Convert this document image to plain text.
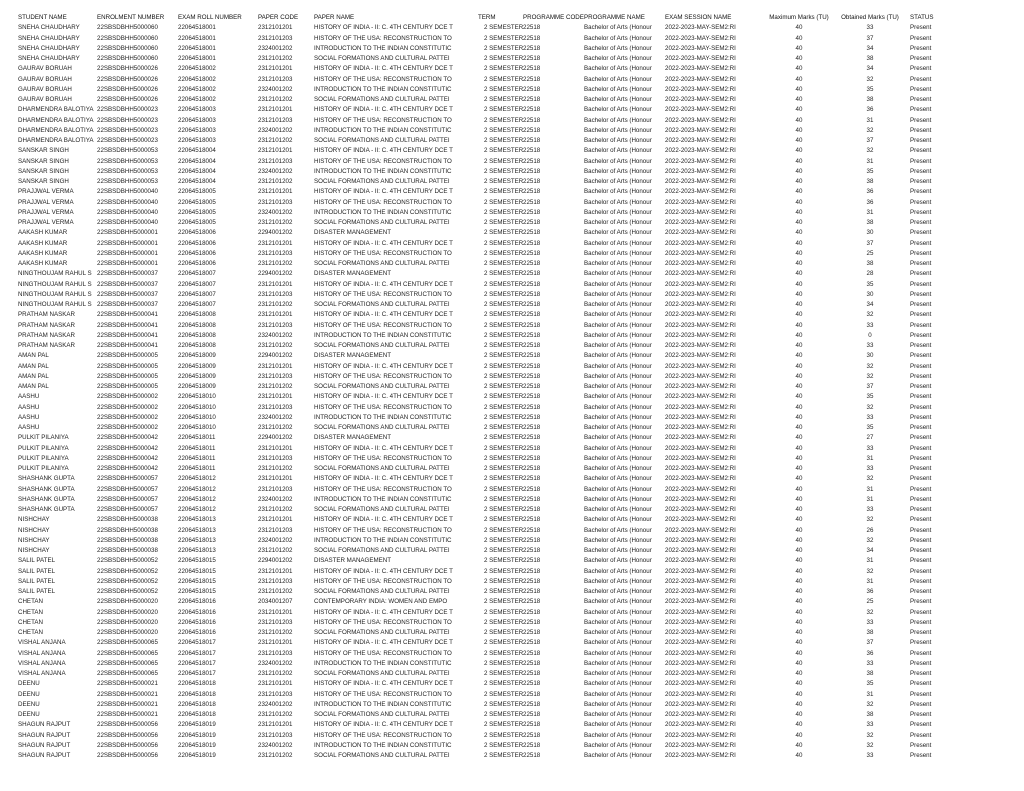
STUDENT NAME	ENROLMENT NUMBER	EXAM ROLL NUMBER	PAPER CODE	PAPER NAME	TERM	PROGRAMME CODE PROGRAMME NAME	EXAM SESSION NAME	Maximum Marks (TU)	Obtained Marks (TU)	STATUS
SNEHA CHAUDHARY	22SBSDBHH5000060	22064518001	2312101201	HISTORY OF INDIA - II: C. 4TH CENTURY DCE T	2 SEMESTER 22518	Bachelor of Arts (Honour	2022-2023-MAY-SEM2:RI	40	33	Present
SNEHA CHAUDHARY	22SBSDBHH5000060	22064518001	2312101203	HISTORY OF THE USA: RECONSTRUCTION TO	2 SEMESTER 22518	Bachelor of Arts (Honour	2022-2023-MAY-SEM2:RI	40	37	Present
SNEHA CHAUDHARY	22SBSDBHH5000060	22064518001	2324001202	INTRODUCTION TO THE INDIAN CONSTITUTIC	2 SEMESTER 22518	Bachelor of Arts (Honour	2022-2023-MAY-SEM2:RI	40	34	Present
SNEHA CHAUDHARY	22SBSDBHH5000060	22064518001	2312101202	SOCIAL FORMATIONS AND CULTURAL PATTEI	2 SEMESTER 22518	Bachelor of Arts (Honour	2022-2023-MAY-SEM2:RI	40	38	Present
GAURAV BORUAH	22SBSDBHH5000026	22064518002	2312101201	HISTORY OF INDIA - II: C. 4TH CENTURY DCE T	2 SEMESTER 22518	Bachelor of Arts (Honour	2022-2023-MAY-SEM2:RI	40	34	Present
GAURAV BORUAH	22SBSDBHH5000026	22064518002	2312101203	HISTORY OF THE USA: RECONSTRUCTION TO	2 SEMESTER 22518	Bachelor of Arts (Honour	2022-2023-MAY-SEM2:RI	40	32	Present
GAURAV BORUAH	22SBSDBHH5000026	22064518002	2324001202	INTRODUCTION TO THE INDIAN CONSTITUTIC	2 SEMESTER 22518	Bachelor of Arts (Honour	2022-2023-MAY-SEM2:RI	40	35	Present
GAURAV BORUAH	22SBSDBHH5000026	22064518002	2312101202	SOCIAL FORMATIONS AND CULTURAL PATTEI	2 SEMESTER 22518	Bachelor of Arts (Honour	2022-2023-MAY-SEM2:RI	40	38	Present
DHARMENDRA BALOTIYA 22SBSDBHH5000023	22064518003	2312101201	HISTORY OF INDIA - II: C. 4TH CENTURY DCE T	2 SEMESTER 22518	Bachelor of Arts (Honour	2022-2023-MAY-SEM2:RI	40	36	Present
DHARMENDRA BALOTIYA 22SBSDBHH5000023	22064518003	2312101203	HISTORY OF THE USA: RECONSTRUCTION TO	2 SEMESTER 22518	Bachelor of Arts (Honour	2022-2023-MAY-SEM2:RI	40	31	Present
DHARMENDRA BALOTIYA 22SBSDBHH5000023	22064518003	2324001202	INTRODUCTION TO THE INDIAN CONSTITUTIC	2 SEMESTER 22518	Bachelor of Arts (Honour	2022-2023-MAY-SEM2:RI	40	32	Present
DHARMENDRA BALOTIYA 22SBSDBHH5000023	22064518003	2312101202	SOCIAL FORMATIONS AND CULTURAL PATTEI	2 SEMESTER 22518	Bachelor of Arts (Honour	2022-2023-MAY-SEM2:RI	40	37	Present
SANSKAR SINGH	22SBSDBHH5000053	22064518004	2312101201	HISTORY OF INDIA - II: C. 4TH CENTURY DCE T	2 SEMESTER 22518	Bachelor of Arts (Honour	2022-2023-MAY-SEM2:RI	40	32	Present
SANSKAR SINGH	22SBSDBHH5000053	22064518004	2312101203	HISTORY OF THE USA: RECONSTRUCTION TO	2 SEMESTER 22518	Bachelor of Arts (Honour	2022-2023-MAY-SEM2:RI	40	31	Present
SANSKAR SINGH	22SBSDBHH5000053	22064518004	2324001202	INTRODUCTION TO THE INDIAN CONSTITUTIC	2 SEMESTER 22518	Bachelor of Arts (Honour	2022-2023-MAY-SEM2:RI	40	35	Present
SANSKAR SINGH	22SBSDBHH5000053	22064518004	2312101202	SOCIAL FORMATIONS AND CULTURAL PATTEI	2 SEMESTER 22518	Bachelor of Arts (Honour	2022-2023-MAY-SEM2:RI	40	38	Present
PRAJJWAL VERMA	22SBSDBHH5000040	22064518005	2312101201	HISTORY OF INDIA - II: C. 4TH CENTURY DCE T	2 SEMESTER 22518	Bachelor of Arts (Honour	2022-2023-MAY-SEM2:RI	40	36	Present
PRAJJWAL VERMA	22SBSDBHH5000040	22064518005	2312101203	HISTORY OF THE USA: RECONSTRUCTION TO	2 SEMESTER 22518	Bachelor of Arts (Honour	2022-2023-MAY-SEM2:RI	40	36	Present
PRAJJWAL VERMA	22SBSDBHH5000040	22064518005	2324001202	INTRODUCTION TO THE INDIAN CONSTITUTIC	2 SEMESTER 22518	Bachelor of Arts (Honour	2022-2023-MAY-SEM2:RI	40	31	Present
PRAJJWAL VERMA	22SBSDBHH5000040	22064518005	2312101202	SOCIAL FORMATIONS AND CULTURAL PATTEI	2 SEMESTER 22518	Bachelor of Arts (Honour	2022-2023-MAY-SEM2:RI	40	38	Present
AAKASH KUMAR	22SBSDBHH5000001	22064518006	2294001202	DISASTER MANAGEMENT	2 SEMESTER 22518	Bachelor of Arts (Honour	2022-2023-MAY-SEM2:RI	40	30	Present
AAKASH KUMAR	22SBSDBHH5000001	22064518006	2312101201	HISTORY OF INDIA - II: C. 4TH CENTURY DCE T	2 SEMESTER 22518	Bachelor of Arts (Honour	2022-2023-MAY-SEM2:RI	40	37	Present
AAKASH KUMAR	22SBSDBHH5000001	22064518006	2312101203	HISTORY OF THE USA: RECONSTRUCTION TO	2 SEMESTER 22518	Bachelor of Arts (Honour	2022-2023-MAY-SEM2:RI	40	25	Present
AAKASH KUMAR	22SBSDBHH5000001	22064518006	2312101202	SOCIAL FORMATIONS AND CULTURAL PATTEI	2 SEMESTER 22518	Bachelor of Arts (Honour	2022-2023-MAY-SEM2:RI	40	38	Present
NINGTHOUJAM RAHUL S 22SBSDBHH5000037	22064518007	2294001202	DISASTER MANAGEMENT	2 SEMESTER 22518	Bachelor of Arts (Honour	2022-2023-MAY-SEM2:RI	40	28	Present
NINGTHOUJAM RAHUL S 22SBSDBHH5000037	22064518007	2312101201	HISTORY OF INDIA - II: C. 4TH CENTURY DCE T	2 SEMESTER 22518	Bachelor of Arts (Honour	2022-2023-MAY-SEM2:RI	40	35	Present
NINGTHOUJAM RAHUL S 22SBSDBHH5000037	22064518007	2312101203	HISTORY OF THE USA: RECONSTRUCTION TO	2 SEMESTER 22518	Bachelor of Arts (Honour	2022-2023-MAY-SEM2:RI	40	30	Present
NINGTHOUJAM RAHUL S 22SBSDBHH5000037	22064518007	2312101202	SOCIAL FORMATIONS AND CULTURAL PATTEI	2 SEMESTER 22518	Bachelor of Arts (Honour	2022-2023-MAY-SEM2:RI	40	34	Present
PRATHAM NASKAR	22SBSDBHH5000041	22064518008	2312101201	HISTORY OF INDIA - II: C. 4TH CENTURY DCE T	2 SEMESTER 22518	Bachelor of Arts (Honour	2022-2023-MAY-SEM2:RI	40	32	Present
PRATHAM NASKAR	22SBSDBHH5000041	22064518008	2312101203	HISTORY OF THE USA: RECONSTRUCTION TO	2 SEMESTER 22518	Bachelor of Arts (Honour	2022-2023-MAY-SEM2:RI	40	33	Present
PRATHAM NASKAR	22SBSDBHH5000041	22064518008	2324001202	INTRODUCTION TO THE INDIAN CONSTITUTIC	2 SEMESTER 22518	Bachelor of Arts (Honour	2022-2023-MAY-SEM2:RI	40	0	Present
PRATHAM NASKAR	22SBSDBHH5000041	22064518008	2312101202	SOCIAL FORMATIONS AND CULTURAL PATTEI	2 SEMESTER 22518	Bachelor of Arts (Honour	2022-2023-MAY-SEM2:RI	40	33	Present
AMAN PAL	22SBSDBHH5000005	22064518009	2294001202	DISASTER MANAGEMENT	2 SEMESTER 22518	Bachelor of Arts (Honour	2022-2023-MAY-SEM2:RI	40	30	Present
AMAN PAL	22SBSDBHH5000005	22064518009	2312101201	HISTORY OF INDIA - II: C. 4TH CENTURY DCE T	2 SEMESTER 22518	Bachelor of Arts (Honour	2022-2023-MAY-SEM2:RI	40	32	Present
AMAN PAL	22SBSDBHH5000005	22064518009	2312101203	HISTORY OF THE USA: RECONSTRUCTION TO	2 SEMESTER 22518	Bachelor of Arts (Honour	2022-2023-MAY-SEM2:RI	40	32	Present
AMAN PAL	22SBSDBHH5000005	22064518009	2312101202	SOCIAL FORMATIONS AND CULTURAL PATTEI	2 SEMESTER 22518	Bachelor of Arts (Honour	2022-2023-MAY-SEM2:RI	40	37	Present
AASHU	22SBSDBHH5000002	22064518010	2312101201	HISTORY OF INDIA - II: C. 4TH CENTURY DCE T	2 SEMESTER 22518	Bachelor of Arts (Honour	2022-2023-MAY-SEM2:RI	40	35	Present
AASHU	22SBSDBHH5000002	22064518010	2312101203	HISTORY OF THE USA: RECONSTRUCTION TO	2 SEMESTER 22518	Bachelor of Arts (Honour	2022-2023-MAY-SEM2:RI	40	32	Present
AASHU	22SBSDBHH5000002	22064518010	2324001202	INTRODUCTION TO THE INDIAN CONSTITUTIC	2 SEMESTER 22518	Bachelor of Arts (Honour	2022-2023-MAY-SEM2:RI	40	33	Present
AASHU	22SBSDBHH5000002	22064518010	2312101202	SOCIAL FORMATIONS AND CULTURAL PATTEI	2 SEMESTER 22518	Bachelor of Arts (Honour	2022-2023-MAY-SEM2:RI	40	35	Present
PULKIT PILANIYA	22SBSDBHH5000042	22064518011	2294001202	DISASTER MANAGEMENT	2 SEMESTER 22518	Bachelor of Arts (Honour	2022-2023-MAY-SEM2:RI	40	27	Present
PULKIT PILANIYA	22SBSDBHH5000042	22064518011	2312101201	HISTORY OF INDIA - II: C. 4TH CENTURY DCE T	2 SEMESTER 22518	Bachelor of Arts (Honour	2022-2023-MAY-SEM2:RI	40	33	Present
PULKIT PILANIYA	22SBSDBHH5000042	22064518011	2312101203	HISTORY OF THE USA: RECONSTRUCTION TO	2 SEMESTER 22518	Bachelor of Arts (Honour	2022-2023-MAY-SEM2:RI	40	31	Present
PULKIT PILANIYA	22SBSDBHH5000042	22064518011	2312101202	SOCIAL FORMATIONS AND CULTURAL PATTEI	2 SEMESTER 22518	Bachelor of Arts (Honour	2022-2023-MAY-SEM2:RI	40	33	Present
SHASHANK GUPTA	22SBSDBHH5000057	22064518012	2312101201	HISTORY OF INDIA - II: C. 4TH CENTURY DCE T	2 SEMESTER 22518	Bachelor of Arts (Honour	2022-2023-MAY-SEM2:RI	40	32	Present
SHASHANK GUPTA	22SBSDBHH5000057	22064518012	2312101203	HISTORY OF THE USA: RECONSTRUCTION TO	2 SEMESTER 22518	Bachelor of Arts (Honour	2022-2023-MAY-SEM2:RI	40	31	Present
SHASHANK GUPTA	22SBSDBHH5000057	22064518012	2324001202	INTRODUCTION TO THE INDIAN CONSTITUTIC	2 SEMESTER 22518	Bachelor of Arts (Honour	2022-2023-MAY-SEM2:RI	40	31	Present
SHASHANK GUPTA	22SBSDBHH5000057	22064518012	2312101202	SOCIAL FORMATIONS AND CULTURAL PATTEI	2 SEMESTER 22518	Bachelor of Arts (Honour	2022-2023-MAY-SEM2:RI	40	33	Present
NISHCHAY	22SBSDBHH5000038	22064518013	2312101201	HISTORY OF INDIA - II: C. 4TH CENTURY DCE T	2 SEMESTER 22518	Bachelor of Arts (Honour	2022-2023-MAY-SEM2:RI	40	32	Present
NISHCHAY	22SBSDBHH5000038	22064518013	2312101203	HISTORY OF THE USA: RECONSTRUCTION TO	2 SEMESTER 22518	Bachelor of Arts (Honour	2022-2023-MAY-SEM2:RI	40	26	Present
NISHCHAY	22SBSDBHH5000038	22064518013	2324001202	INTRODUCTION TO THE INDIAN CONSTITUTIC	2 SEMESTER 22518	Bachelor of Arts (Honour	2022-2023-MAY-SEM2:RI	40	32	Present
NISHCHAY	22SBSDBHH5000038	22064518013	2312101202	SOCIAL FORMATIONS AND CULTURAL PATTEI	2 SEMESTER 22518	Bachelor of Arts (Honour	2022-2023-MAY-SEM2:RI	40	34	Present
SALIL PATEL	22SBSDBHH5000052	22064518015	2294001202	DISASTER MANAGEMENT	2 SEMESTER 22518	Bachelor of Arts (Honour	2022-2023-MAY-SEM2:RI	40	31	Present
SALIL PATEL	22SBSDBHH5000052	22064518015	2312101201	HISTORY OF INDIA - II: C. 4TH CENTURY DCE T	2 SEMESTER 22518	Bachelor of Arts (Honour	2022-2023-MAY-SEM2:RI	40	32	Present
SALIL PATEL	22SBSDBHH5000052	22064518015	2312101203	HISTORY OF THE USA: RECONSTRUCTION TO	2 SEMESTER 22518	Bachelor of Arts (Honour	2022-2023-MAY-SEM2:RI	40	31	Present
SALIL PATEL	22SBSDBHH5000052	22064518015	2312101202	SOCIAL FORMATIONS AND CULTURAL PATTEI	2 SEMESTER 22518	Bachelor of Arts (Honour	2022-2023-MAY-SEM2:RI	40	36	Present
CHETAN	22SBSDBHH5000020	22064518016	2034001207	CONTEMPORARY INDIA: WOMEN AND EMPO	2 SEMESTER 22518	Bachelor of Arts (Honour	2022-2023-MAY-SEM2:RI	40	25	Present
CHETAN	22SBSDBHH5000020	22064518016	2312101201	HISTORY OF INDIA - II: C. 4TH CENTURY DCE T	2 SEMESTER 22518	Bachelor of Arts (Honour	2022-2023-MAY-SEM2:RI	40	32	Present
CHETAN	22SBSDBHH5000020	22064518016	2312101203	HISTORY OF THE USA: RECONSTRUCTION TO	2 SEMESTER 22518	Bachelor of Arts (Honour	2022-2023-MAY-SEM2:RI	40	33	Present
CHETAN	22SBSDBHH5000020	22064518016	2312101202	SOCIAL FORMATIONS AND CULTURAL PATTEI	2 SEMESTER 22518	Bachelor of Arts (Honour	2022-2023-MAY-SEM2:RI	40	38	Present
VISHAL ANJANA	22SBSDBHH5000065	22064518017	2312101201	HISTORY OF INDIA - II: C. 4TH CENTURY DCE T	2 SEMESTER 22518	Bachelor of Arts (Honour	2022-2023-MAY-SEM2:RI	40	37	Present
VISHAL ANJANA	22SBSDBHH5000065	22064518017	2312101203	HISTORY OF THE USA: RECONSTRUCTION TO	2 SEMESTER 22518	Bachelor of Arts (Honour	2022-2023-MAY-SEM2:RI	40	36	Present
VISHAL ANJANA	22SBSDBHH5000065	22064518017	2324001202	INTRODUCTION TO THE INDIAN CONSTITUTIC	2 SEMESTER 22518	Bachelor of Arts (Honour	2022-2023-MAY-SEM2:RI	40	33	Present
VISHAL ANJANA	22SBSDBHH5000065	22064518017	2312101202	SOCIAL FORMATIONS AND CULTURAL PATTEI	2 SEMESTER 22518	Bachelor of Arts (Honour	2022-2023-MAY-SEM2:RI	40	38	Present
DEENU	22SBSDBHH5000021	22064518018	2312101201	HISTORY OF INDIA - II: C. 4TH CENTURY DCE T	2 SEMESTER 22518	Bachelor of Arts (Honour	2022-2023-MAY-SEM2:RI	40	35	Present
DEENU	22SBSDBHH5000021	22064518018	2312101203	HISTORY OF THE USA: RECONSTRUCTION TO	2 SEMESTER 22518	Bachelor of Arts (Honour	2022-2023-MAY-SEM2:RI	40	31	Present
DEENU	22SBSDBHH5000021	22064518018	2324001202	INTRODUCTION TO THE INDIAN CONSTITUTIC	2 SEMESTER 22518	Bachelor of Arts (Honour	2022-2023-MAY-SEM2:RI	40	32	Present
DEENU	22SBSDBHH5000021	22064518018	2312101202	SOCIAL FORMATIONS AND CULTURAL PATTEI	2 SEMESTER 22518	Bachelor of Arts (Honour	2022-2023-MAY-SEM2:RI	40	38	Present
SHAGUN RAJPUT	22SBSDBHH5000056	22064518019	2312101201	HISTORY OF INDIA - II: C. 4TH CENTURY DCE T	2 SEMESTER 22518	Bachelor of Arts (Honour	2022-2023-MAY-SEM2:RI	40	33	Present
SHAGUN RAJPUT	22SBSDBHH5000056	22064518019	2312101203	HISTORY OF THE USA: RECONSTRUCTION TO	2 SEMESTER 22518	Bachelor of Arts (Honour	2022-2023-MAY-SEM2:RI	40	32	Present
SHAGUN RAJPUT	22SBSDBHH5000056	22064518019	2324001202	INTRODUCTION TO THE INDIAN CONSTITUTIC	2 SEMESTER 22518	Bachelor of Arts (Honour	2022-2023-MAY-SEM2:RI	40	32	Present
SHAGUN RAJPUT	22SBSDBHH5000056	22064518019	2312101202	SOCIAL FORMATIONS AND CULTURAL PATTEI	2 SEMESTER 22518	Bachelor of Arts (Honour	2022-2023-MAY-SEM2:RI	40	33	Present
